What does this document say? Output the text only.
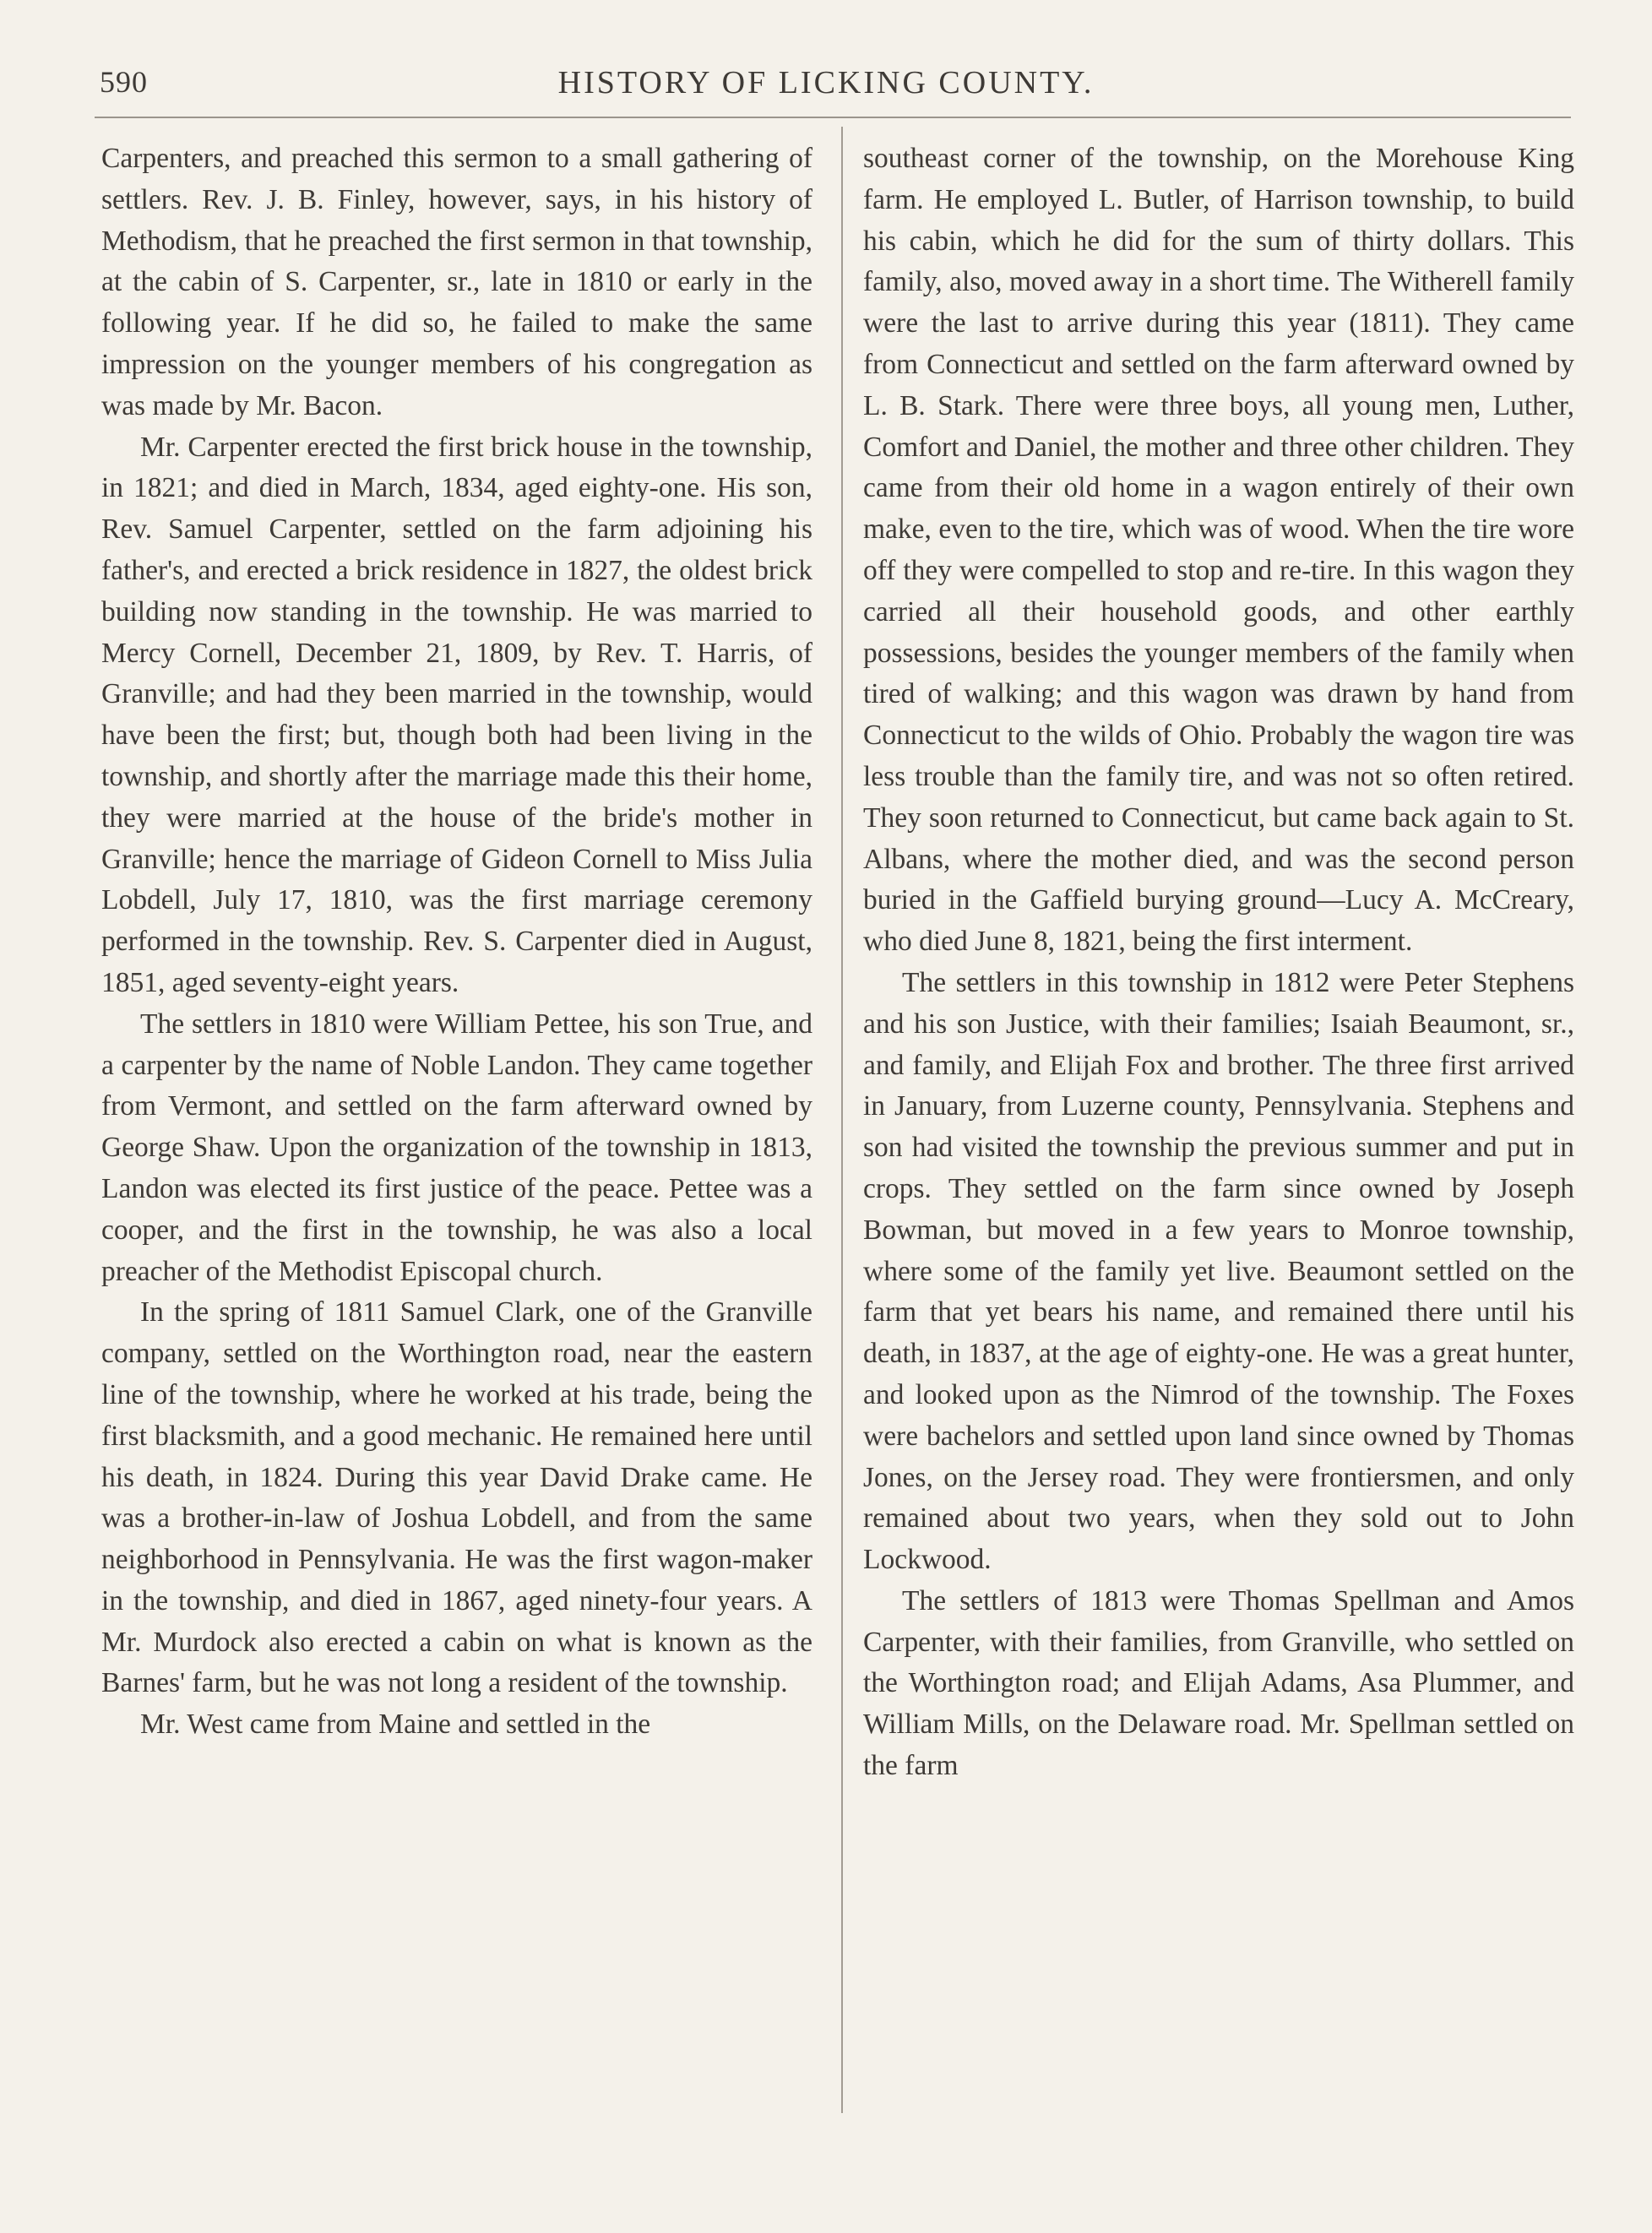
590	HISTORY OF LICKING COUNTY.

Carpenters, and preached this sermon to a small gathering of settlers. Rev. J. B. Finley, however, says, in his history of Methodism, that he preached the first sermon in that township, at the cabin of S. Carpenter, sr., late in 1810 or early in the following year. If he did so, he failed to make the same impression on the younger members of his congregation as was made by Mr. Bacon.

Mr. Carpenter erected the first brick house in the township, in 1821; and died in March, 1834, aged eighty-one. His son, Rev. Samuel Carpenter, settled on the farm adjoining his father's, and erected a brick residence in 1827, the oldest brick building now standing in the township. He was married to Mercy Cornell, December 21, 1809, by Rev. T. Harris, of Granville; and had they been married in the township, would have been the first; but, though both had been living in the township, and shortly after the marriage made this their home, they were married at the house of the bride's mother in Granville; hence the marriage of Gideon Cornell to Miss Julia Lobdell, July 17, 1810, was the first marriage ceremony performed in the township. Rev. S. Carpenter died in August, 1851, aged seventy-eight years.

The settlers in 1810 were William Pettee, his son True, and a carpenter by the name of Noble Landon. They came together from Vermont, and settled on the farm afterward owned by George Shaw. Upon the organization of the township in 1813, Landon was elected its first justice of the peace. Pettee was a cooper, and the first in the township, he was also a local preacher of the Methodist Episcopal church.

In the spring of 1811 Samuel Clark, one of the Granville company, settled on the Worthington road, near the eastern line of the township, where he worked at his trade, being the first blacksmith, and a good mechanic. He remained here until his death, in 1824. During this year David Drake came. He was a brother-in-law of Joshua Lobdell, and from the same neighborhood in Pennsylvania. He was the first wagon-maker in the township, and died in 1867, aged ninety-four years. A Mr. Murdock also erected a cabin on what is known as the Barnes' farm, but he was not long a resident of the township.

Mr. West came from Maine and settled in the

southeast corner of the township, on the Morehouse King farm. He employed L. Butler, of Harrison township, to build his cabin, which he did for the sum of thirty dollars. This family, also, moved away in a short time. The Witherell family were the last to arrive during this year (1811). They came from Connecticut and settled on the farm afterward owned by L. B. Stark. There were three boys, all young men, Luther, Comfort and Daniel, the mother and three other children. They came from their old home in a wagon entirely of their own make, even to the tire, which was of wood. When the tire wore off they were compelled to stop and re-tire. In this wagon they carried all their household goods, and other earthly possessions, besides the younger members of the family when tired of walking; and this wagon was drawn by hand from Connecticut to the wilds of Ohio. Probably the wagon tire was less trouble than the family tire, and was not so often retired. They soon returned to Connecticut, but came back again to St. Albans, where the mother died, and was the second person buried in the Gaffield burying ground—Lucy A. McCreary, who died June 8, 1821, being the first interment.

The settlers in this township in 1812 were Peter Stephens and his son Justice, with their families; Isaiah Beaumont, sr., and family, and Elijah Fox and brother. The three first arrived in January, from Luzerne county, Pennsylvania. Stephens and son had visited the township the previous summer and put in crops. They settled on the farm since owned by Joseph Bowman, but moved in a few years to Monroe township, where some of the family yet live. Beaumont settled on the farm that yet bears his name, and remained there until his death, in 1837, at the age of eighty-one. He was a great hunter, and looked upon as the Nimrod of the township. The Foxes were bachelors and settled upon land since owned by Thomas Jones, on the Jersey road. They were frontiersmen, and only remained about two years, when they sold out to John Lockwood.

The settlers of 1813 were Thomas Spellman and Amos Carpenter, with their families, from Granville, who settled on the Worthington road; and Elijah Adams, Asa Plummer, and William Mills, on the Delaware road. Mr. Spellman settled on the farm
